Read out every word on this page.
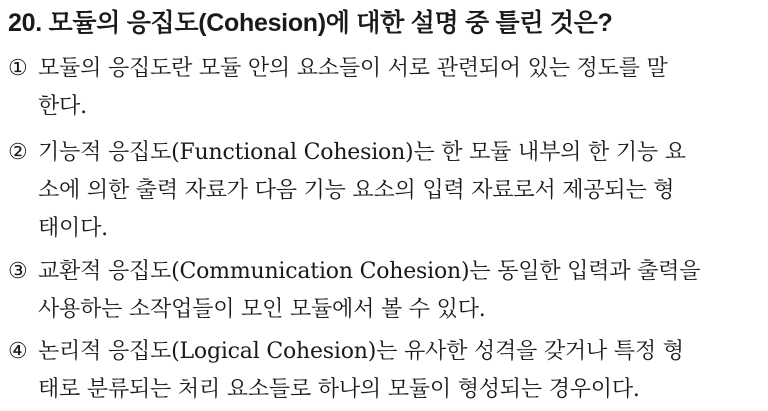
20. 모듈의 응집도(Cohesion)에 대한 설명 중 틀린 것은?
① 모듈의 응집도란 모듈 안의 요소들이 서로 관련되어 있는 정도를 말
한다.
② 기능적 응집도(Functional Cohesion)는 한 모듈 내부의 한 기능 요
소에 의한 출력 자료가 다음 기능 요소의 입력 자료로서 제공되는 형
태이다.
③ 교환적 응집도(Communication Cohesion)는 동일한 입력과 출력을
사용하는 소작업들이 모인 모듈에서 볼 수 있다.
④ 논리적 응집도(Logical Cohesion)는 유사한 성격을 갖거나 특정 형
태로 분류되는 처리 요소들로 하나의 모듈이 형성되는 경우이다.
